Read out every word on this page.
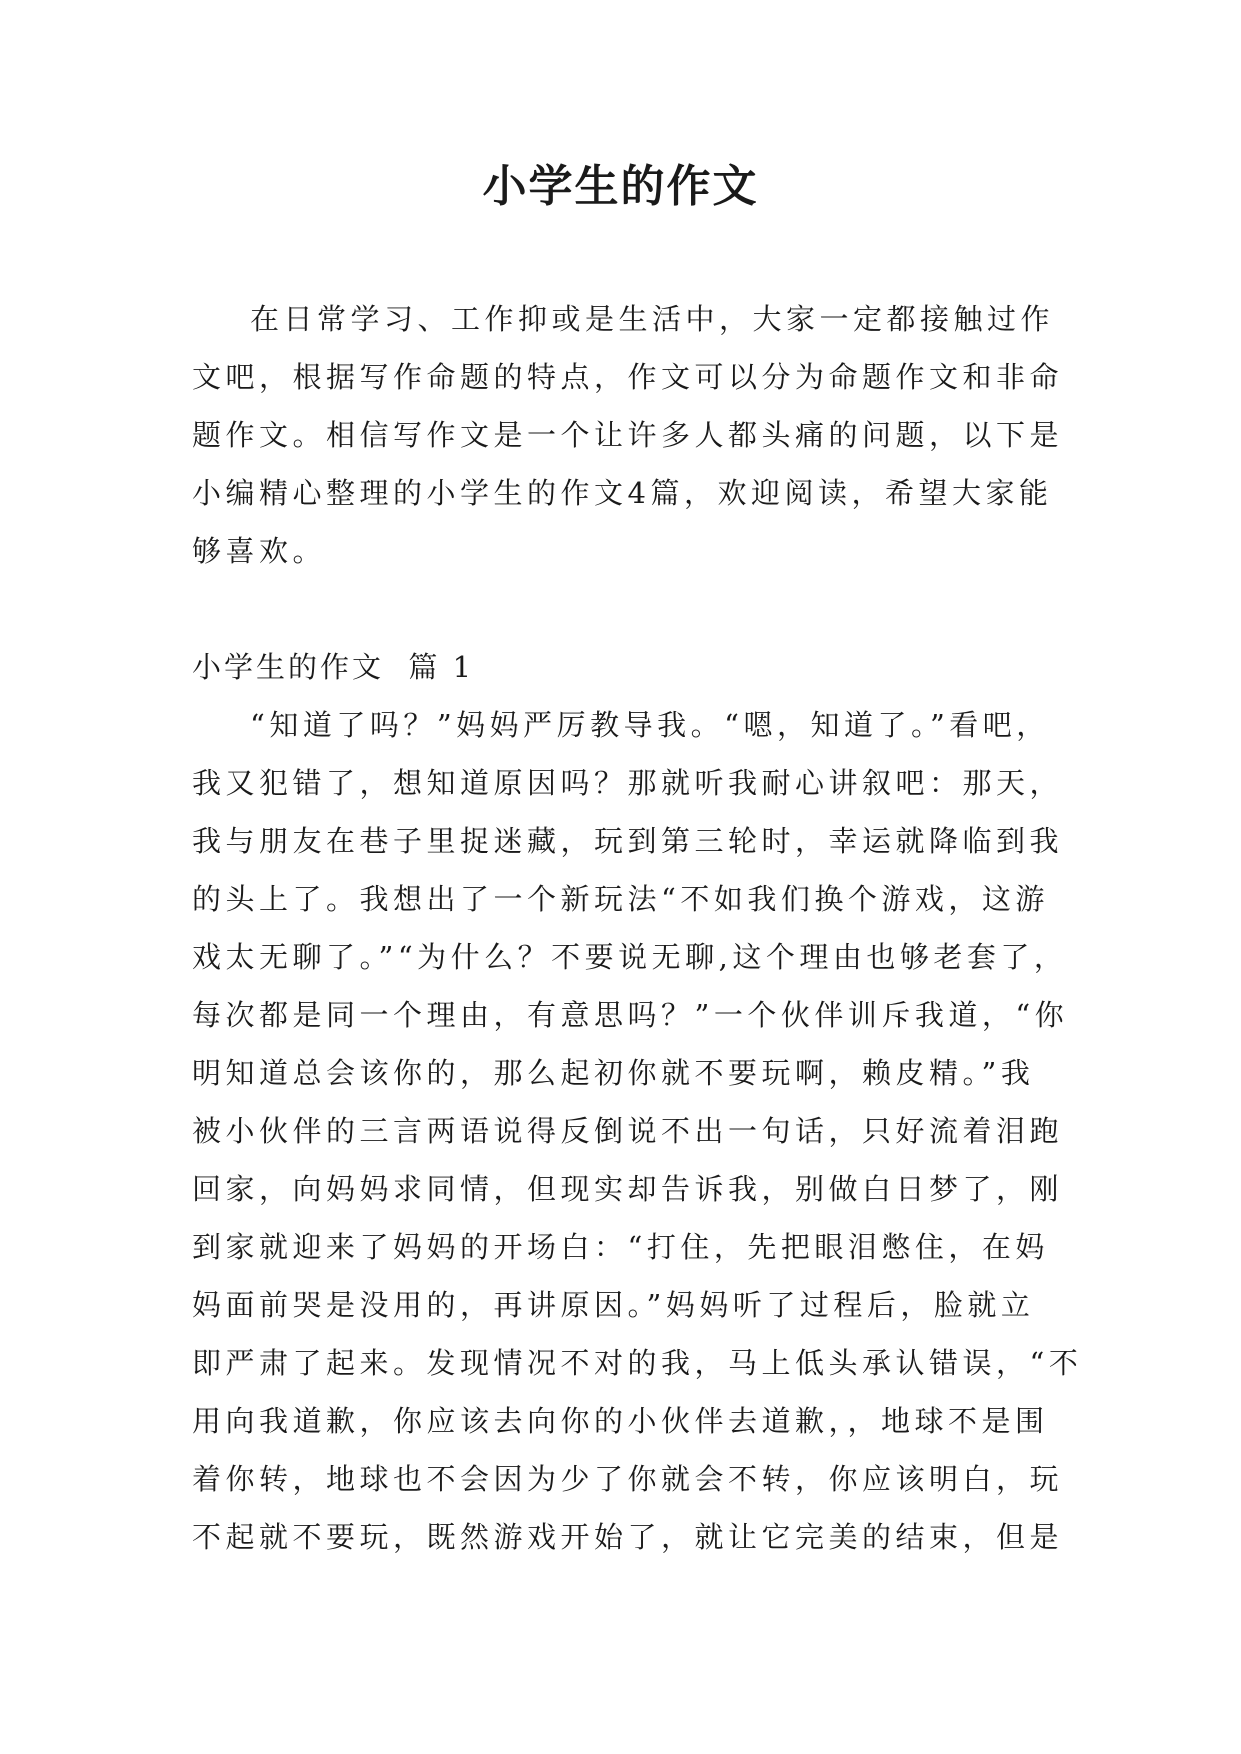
小学生的作文

在日常学习、工作抑或是生活中，大家一定都接触过作
文吧，根据写作命题的特点，作文可以分为命题作文和非命
题作文。相信写作文是一个让许多人都头痛的问题，以下是
小编精心整理的小学生的作文4篇，欢迎阅读，希望大家能
够喜欢。

小学生的作文  篇 1

“知道了吗？”妈妈严厉教导我。“嗯，知道了。”看吧，
我又犯错了，想知道原因吗？那就听我耐心讲叙吧：那天，
我与朋友在巷子里捉迷藏，玩到第三轮时，幸运就降临到我
的头上了。我想出了一个新玩法“不如我们换个游戏，这游
戏太无聊了。”“为什么？不要说无聊,这个理由也够老套了，
每次都是同一个理由，有意思吗？”一个伙伴训斥我道，“你
明知道总会该你的，那么起初你就不要玩啊，赖皮精。”我
被小伙伴的三言两语说得反倒说不出一句话，只好流着泪跑
回家，向妈妈求同情，但现实却告诉我，别做白日梦了，刚
到家就迎来了妈妈的开场白：“打住，先把眼泪憋住，在妈
妈面前哭是没用的，再讲原因。”妈妈听了过程后，脸就立
即严肃了起来。发现情况不对的我，马上低头承认错误，“不
用向我道歉，你应该去向你的小伙伴去道歉，，地球不是围
着你转，地球也不会因为少了你就会不转，你应该明白，玩
不起就不要玩，既然游戏开始了，就让它完美的结束，但是
